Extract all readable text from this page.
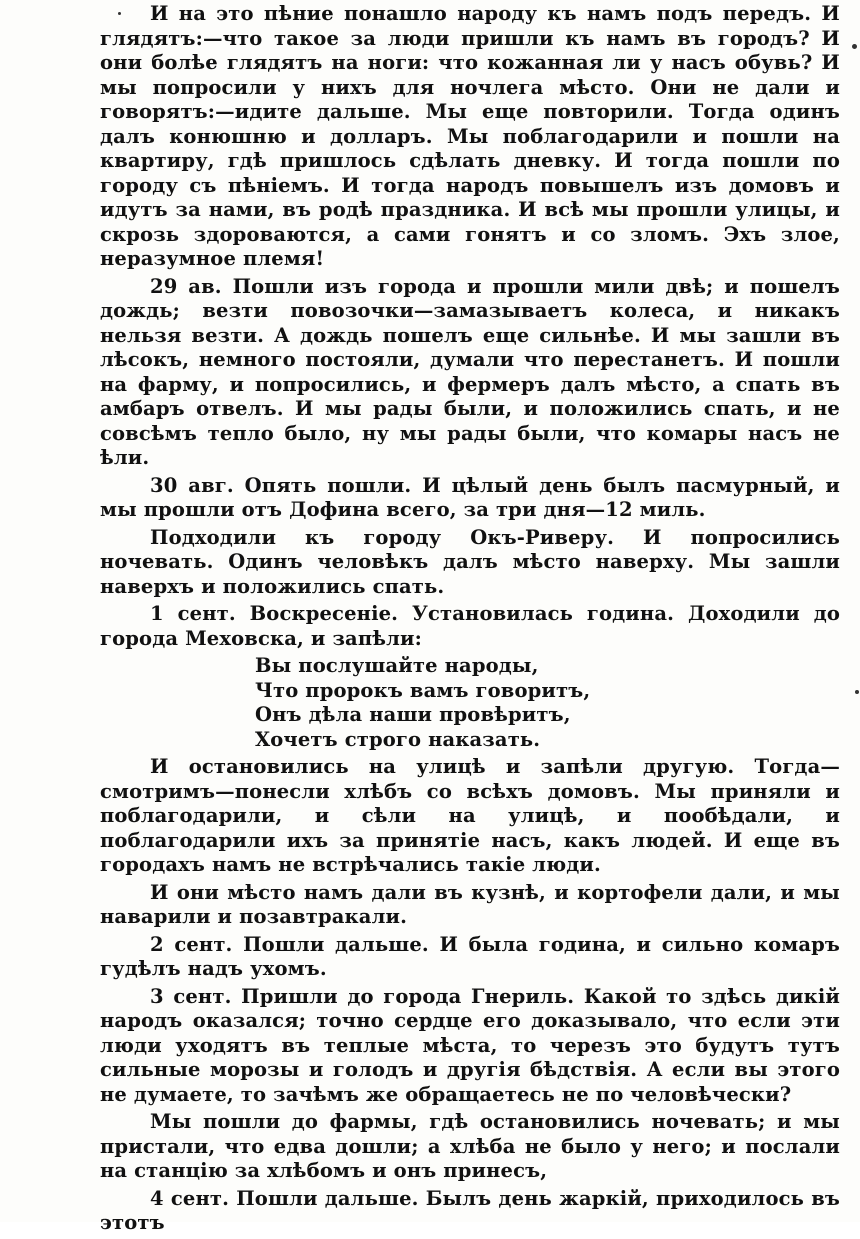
И на это пѣние понашло народу къ намъ подъ передъ. И глядятъ:—что такое за люди пришли къ намъ въ городъ? И они болѣе глядятъ на ноги: что кожанная ли у насъ обувь? И мы попросили у нихъ для ночлега мѣсто. Они не дали и говорятъ:—идите дальше. Мы еще повторили. Тогда одинъ далъ конюшню и долларъ. Мы поблагодарили и пошли на квартиру, гдѣ пришлось сдѣлать дневку. И тогда пошли по городу съ пѣніемъ. И тогда народъ повышелъ изъ домовъ и идутъ за нами, въ родѣ праздника. И всѣ мы прошли улицы, и скрозь здороваются, а сами гонятъ и со зломъ. Эхъ злое, неразумное племя!

29 ав. Пошли изъ города и прошли мили двѣ; и пошелъ дождь; везти повозочки—замазываетъ колеса, и никакъ нельзя везти. А дождь пошелъ еще сильнѣе. И мы зашли въ лѣсокъ, немного постояли, думали что перестанетъ. И пошли на фарму, и попросились, и фермеръ далъ мѣсто, а спать въ амбаръ отвелъ. И мы рады были, и положились спать, и не совсѣмъ тепло было, ну мы рады были, что комары насъ не ѣли.

30 авг. Опять пошли. И цѣлый день былъ пасмурный, и мы прошли отъ Дофина всего, за три дня—12 миль.

Подходили къ городу Окъ-Риверу. И попросились ночевать. Одинъ человѣкъ далъ мѣсто наверху. Мы зашли наверхъ и положились спать.

1 сент. Воскресеніе. Установилась година. Доходили до города Меховска, и запѣли:

Вы послушайте народы,
Что пророкъ вамъ говоритъ,
Онъ дѣла наши провѣритъ,
Хочетъ строго наказать.

И остановились на улицѣ и запѣли другую. Тогда—смотримъ—понесли хлѣбъ со всѣхъ домовъ. Мы приняли и поблагодарили, и сѣли на улицѣ, и пообѣдали, и поблагодарили ихъ за принятіе насъ, какъ людей. И еще въ городахъ намъ не встрѣчались такіе люди.

И они мѣсто намъ дали въ кузнѣ, и кортофели дали, и мы наварили и позавтракали.

2 сент. Пошли дальше. И была година, и сильно комаръ гудѣлъ надъ ухомъ.

3 сент. Пришли до города Гнериль. Какой то здѣсь дикій народъ оказался; точно сердце его доказывало, что если эти люди уходятъ въ теплые мѣста, то черезъ это будутъ тутъ сильные морозы и голодъ и другія бѣдствія. А если вы этого не думаете, то зачѣмъ же обращаетесь не по человѣчески?

Мы пошли до фармы, гдѣ остановились ночевать; и мы пристали, что едва дошли; а хлѣба не было у него; и послали на станцію за хлѣбомъ и онъ принесъ,

4 сент. Пошли дальше. Былъ день жаркій, приходилось въ этотъ
